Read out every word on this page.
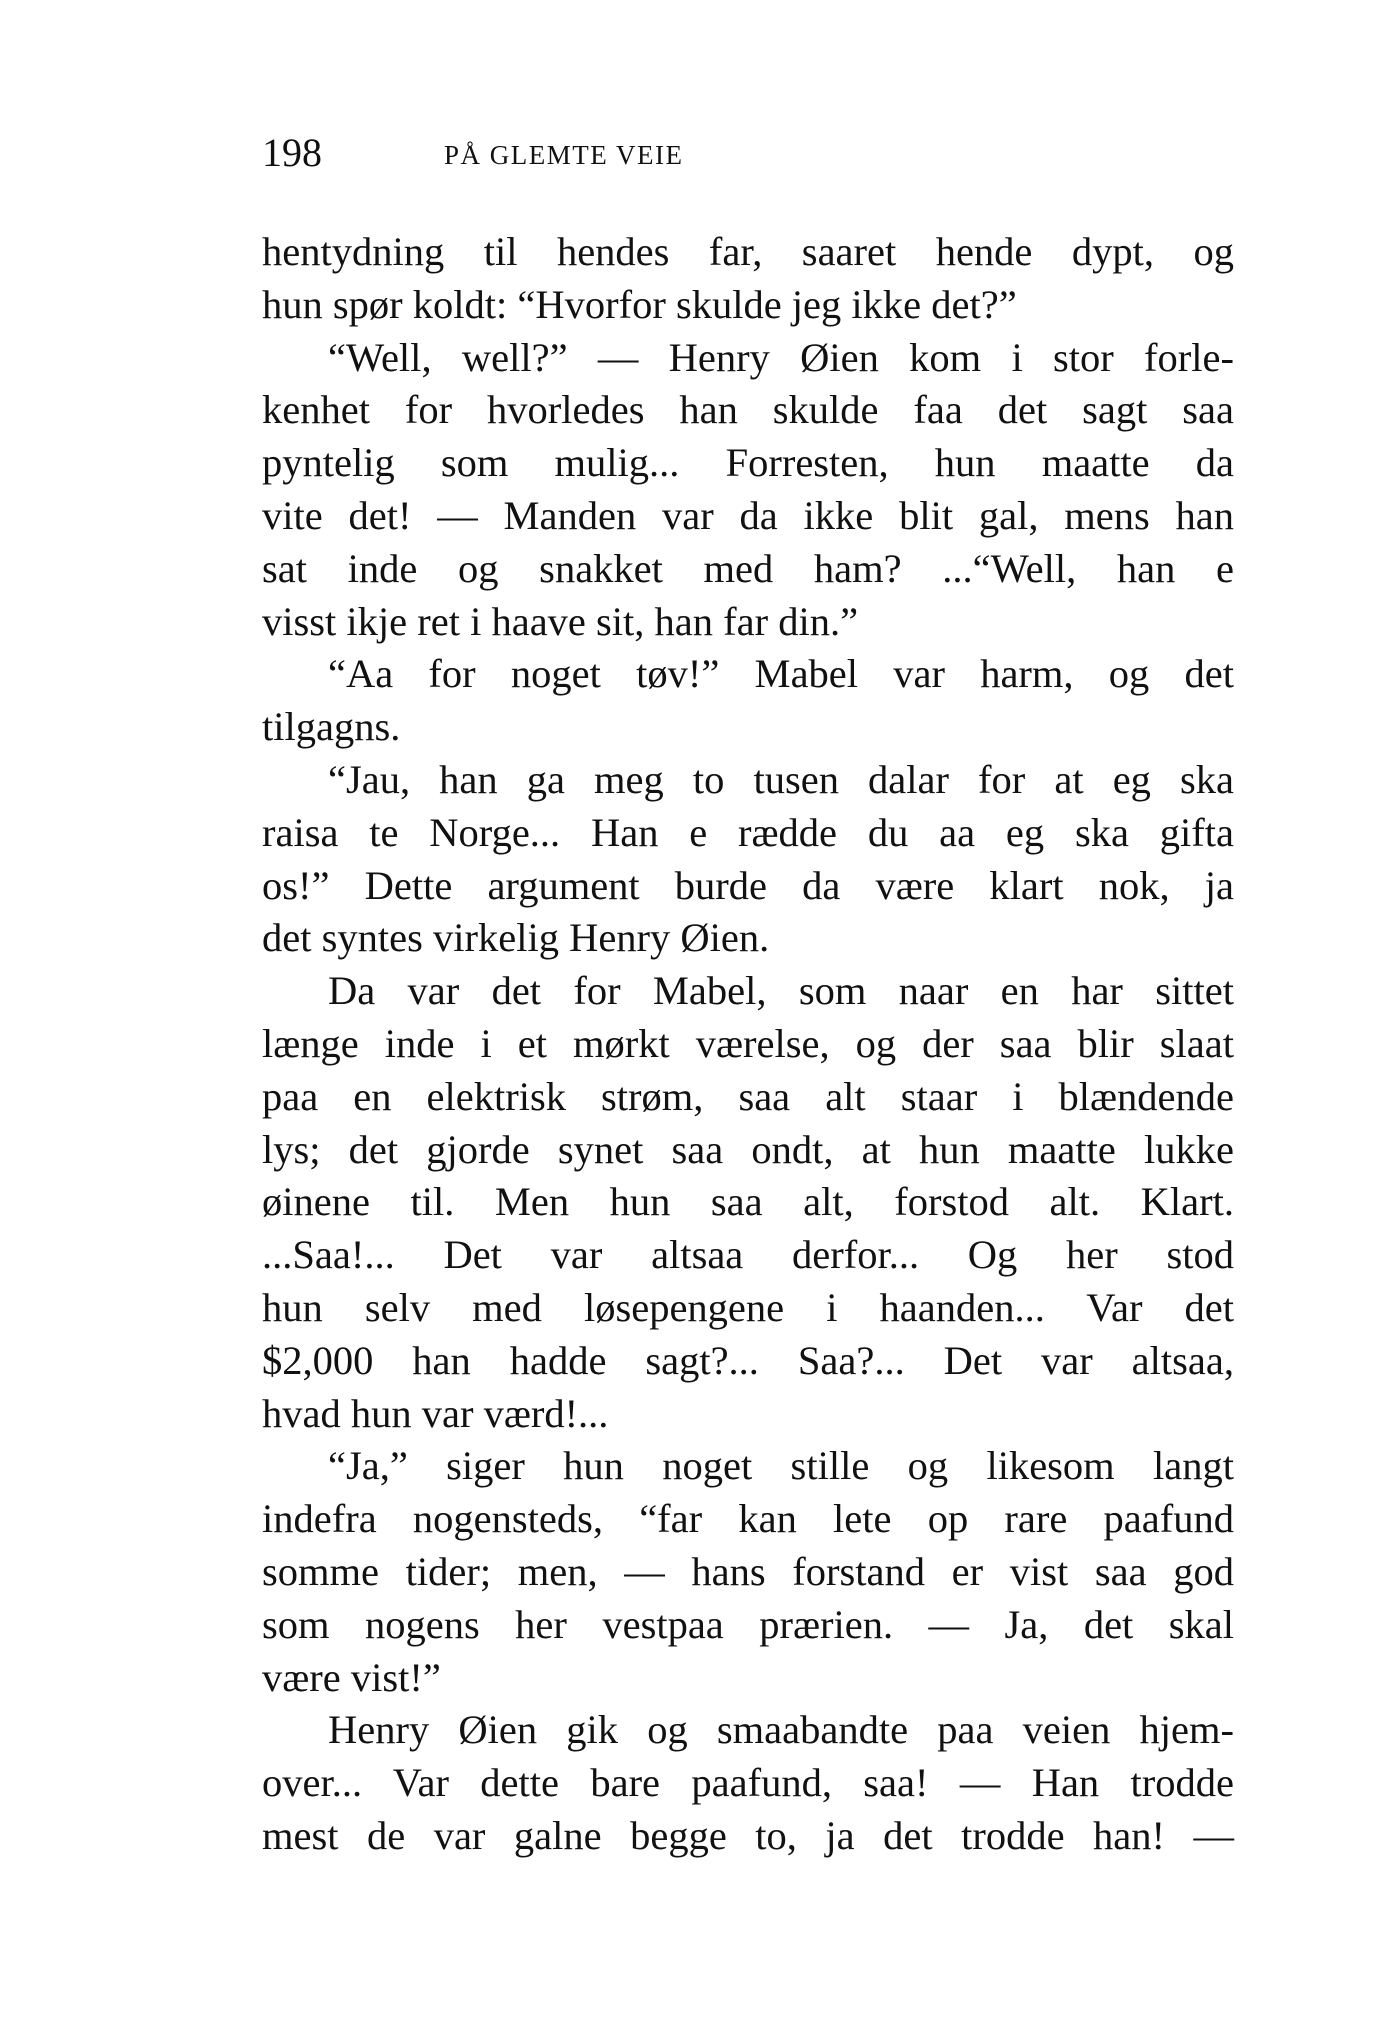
198	PÅ GLEMTE VEIE
hentydning til hendes far, saaret hende dypt, og
hun spør koldt: “Hvorfor skulde jeg ikke det?”
“Well, well?” — Henry Øien kom i stor forle-
kenhet for hvorledes han skulde faa det sagt saa
pyntelig som mulig... Forresten, hun maatte da
vite det! — Manden var da ikke blit gal, mens han
sat inde og snakket med ham? ...“Well, han e
visst ikje ret i haave sit, han far din.”
“Aa for noget tøv!” Mabel var harm, og det
tilgagns.
“Jau, han ga meg to tusen dalar for at eg ska
raisa te Norge... Han e rædde du aa eg ska gifta
os!” Dette argument burde da være klart nok, ja
det syntes virkelig Henry Øien.
Da var det for Mabel, som naar en har sittet
længe inde i et mørkt værelse, og der saa blir slaat
paa en elektrisk strøm, saa alt staar i blændende
lys; det gjorde synet saa ondt, at hun maatte lukke
øinene til. Men hun saa alt, forstod alt. Klart.
...Saa!... Det var altsaa derfor... Og her stod
hun selv med løsepengene i haanden... Var det
$2,000 han hadde sagt?... Saa?... Det var altsaa,
hvad hun var værd!...
“Ja,” siger hun noget stille og likesom langt
indefra nogensteds, “far kan lete op rare paafund
somme tider; men, — hans forstand er vist saa god
som nogens her vestpaa prærien. — Ja, det skal
være vist!”
Henry Øien gik og smaabandte paa veien hjem-
over... Var dette bare paafund, saa! — Han trodde
mest de var galne begge to, ja det trodde han! —
